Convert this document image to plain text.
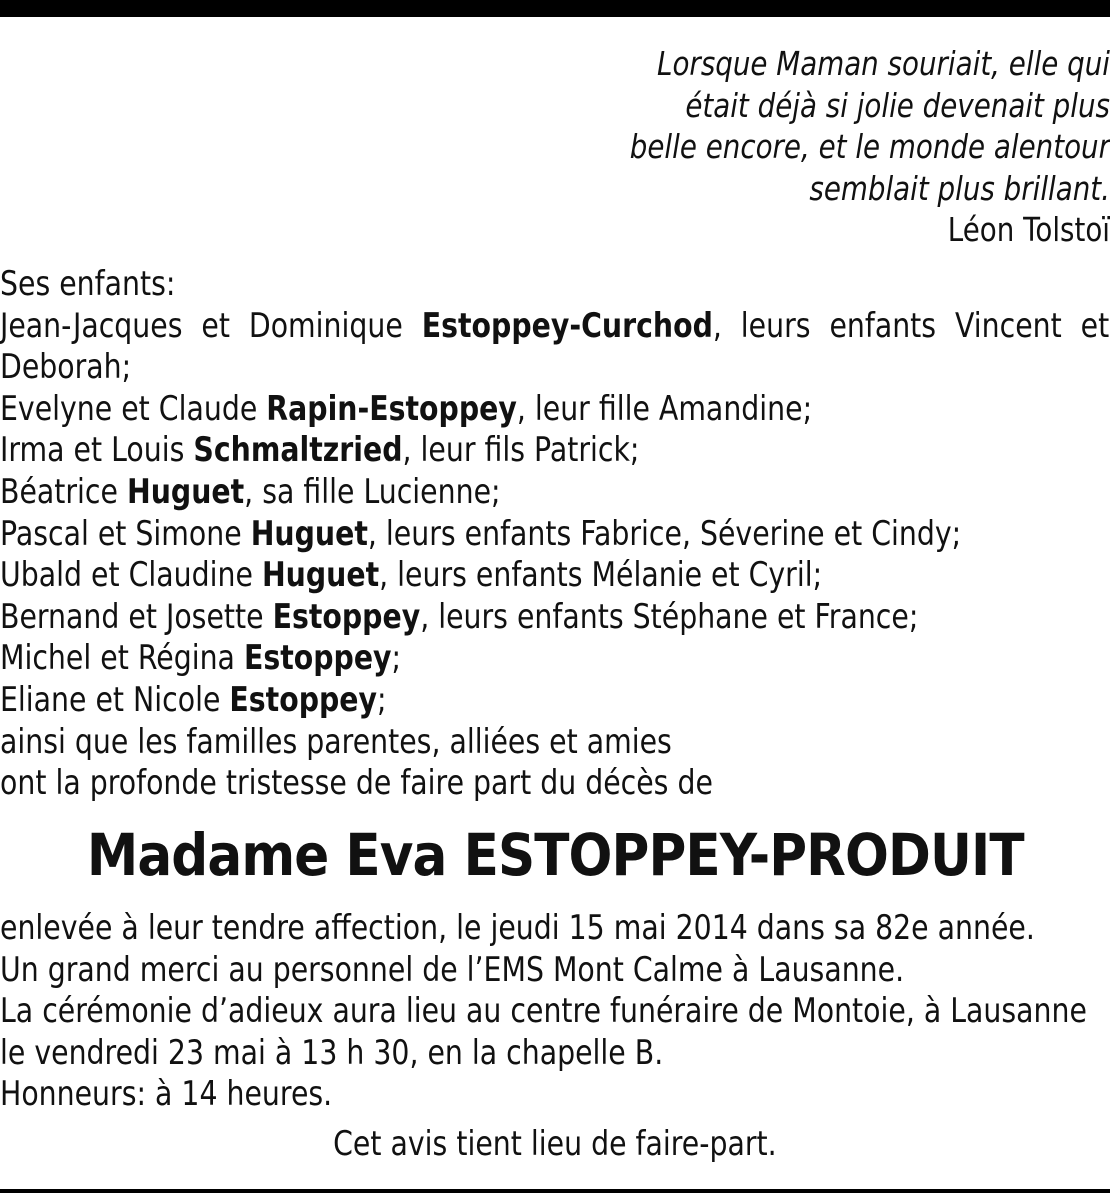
Lorsque Maman souriait, elle qui
était déjà si jolie devenait plus
belle encore, et le monde alentour
semblait plus brillant.
Léon Tolstoï
Ses enfants:
Jean-Jacques et Dominique Estoppey-Curchod, leurs enfants Vincent et
Deborah;
Evelyne et Claude Rapin-Estoppey, leur fille Amandine;
Irma et Louis Schmaltzried, leur fils Patrick;
Béatrice Huguet, sa fille Lucienne;
Pascal et Simone Huguet, leurs enfants Fabrice, Séverine et Cindy;
Ubald et Claudine Huguet, leurs enfants Mélanie et Cyril;
Bernand et Josette Estoppey, leurs enfants Stéphane et France;
Michel et Régina Estoppey;
Eliane et Nicole Estoppey;
ainsi que les familles parentes, alliées et amies
ont la profonde tristesse de faire part du décès de
Madame Eva ESTOPPEY-PRODUIT
enlevée à leur tendre affection, le jeudi 15 mai 2014 dans sa 82e année.
Un grand merci au personnel de l’EMS Mont Calme à Lausanne.
La cérémonie d’adieux aura lieu au centre funéraire de Montoie, à Lausanne
le vendredi 23 mai à 13 h 30, en la chapelle B.
Honneurs: à 14 heures.
Cet avis tient lieu de faire-part.
